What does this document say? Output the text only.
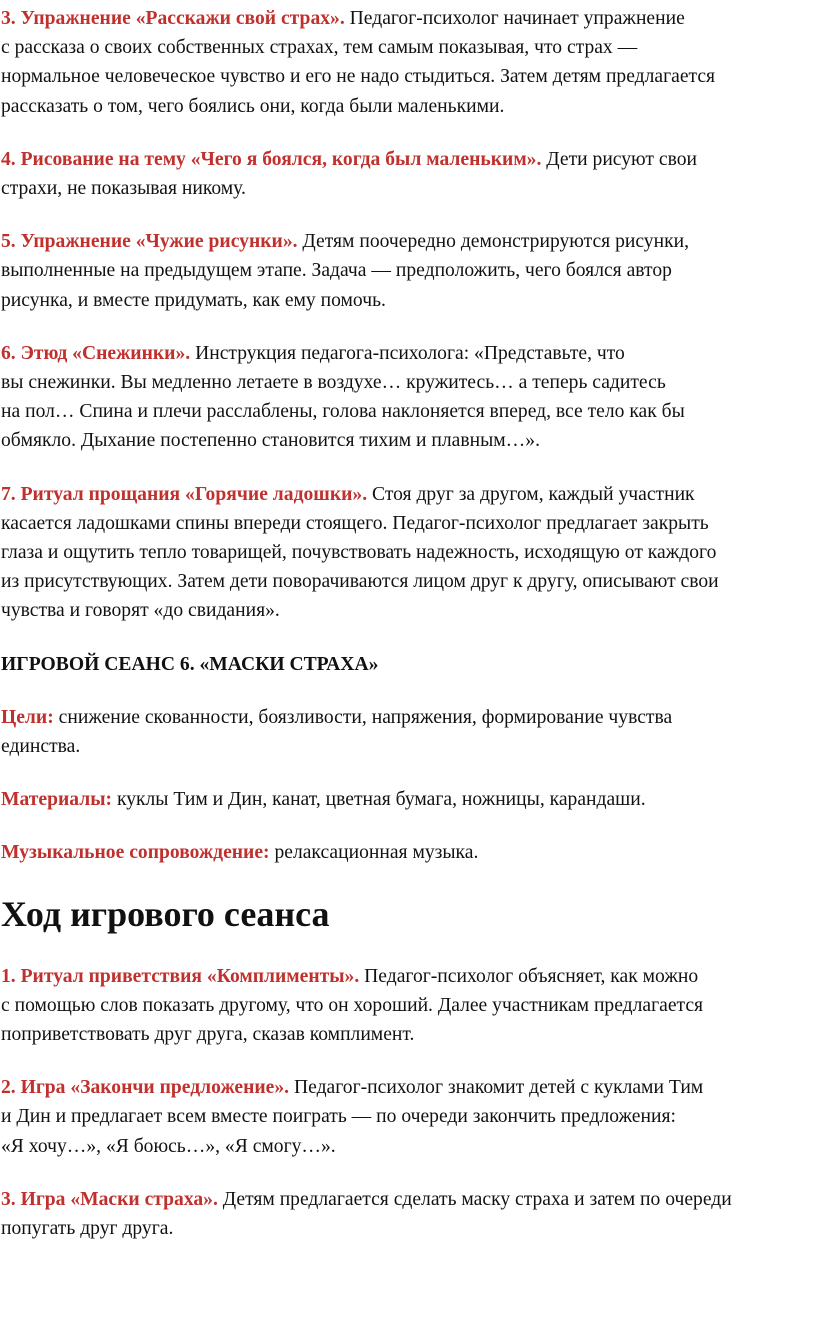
3. Упражнение «Расскажи свой страх». Педагог-психолог начинает упражнение
с рассказа о своих собственных страхах, тем самым показывая, что страх —
нормальное человеческое чувство и его не надо стыдиться. Затем детям предлагается
рассказать о том, чего боялись они, когда были маленькими.

4. Рисование на тему «Чего я боялся, когда был маленьким». Дети рисуют свои
страхи, не показывая никому.

5. Упражнение «Чужие рисунки». Детям поочередно демонстрируются рисунки,
выполненные на предыдущем этапе. Задача — предположить, чего боялся автор
рисунка, и вместе придумать, как ему помочь.

6. Этюд «Снежинки». Инструкция педагога-психолога: «Представьте, что
вы снежинки. Вы медленно летаете в воздухе… кружитесь… а теперь садитесь
на пол… Спина и плечи расслаблены, голова наклоняется вперед, все тело как бы
обмякло. Дыхание постепенно становится тихим и плавным…».

7. Ритуал прощания «Горячие ладошки». Стоя друг за другом, каждый участник
касается ладошками спины впереди стоящего. Педагог-психолог предлагает закрыть
глаза и ощутить тепло товарищей, почувствовать надежность, исходящую от каждого
из присутствующих. Затем дети поворачиваются лицом друг к другу, описывают свои
чувства и говорят «до свидания».

ИГРОВОЙ СЕАНС 6. «МАСКИ СТРАХА»

Цели: снижение скованности, боязливости, напряжения, формирование чувства
единства.

Материалы: куклы Тим и Дин, канат, цветная бумага, ножницы, карандаши.

Музыкальное сопровождение: релаксационная музыка.

Ход игрового сеанса

1. Ритуал приветствия «Комплименты». Педагог-психолог объясняет, как можно
с помощью слов показать другому, что он хороший. Далее участникам предлагается
поприветствовать друг друга, сказав комплимент.

2. Игра «Закончи предложение». Педагог-психолог знакомит детей с куклами Тим
и Дин и предлагает всем вместе поиграть — по очереди закончить предложения:
«Я хочу…», «Я боюсь…», «Я смогу…».

3. Игра «Маски страха». Детям предлагается сделать маску страха и затем по очереди
попугать друг друга.
